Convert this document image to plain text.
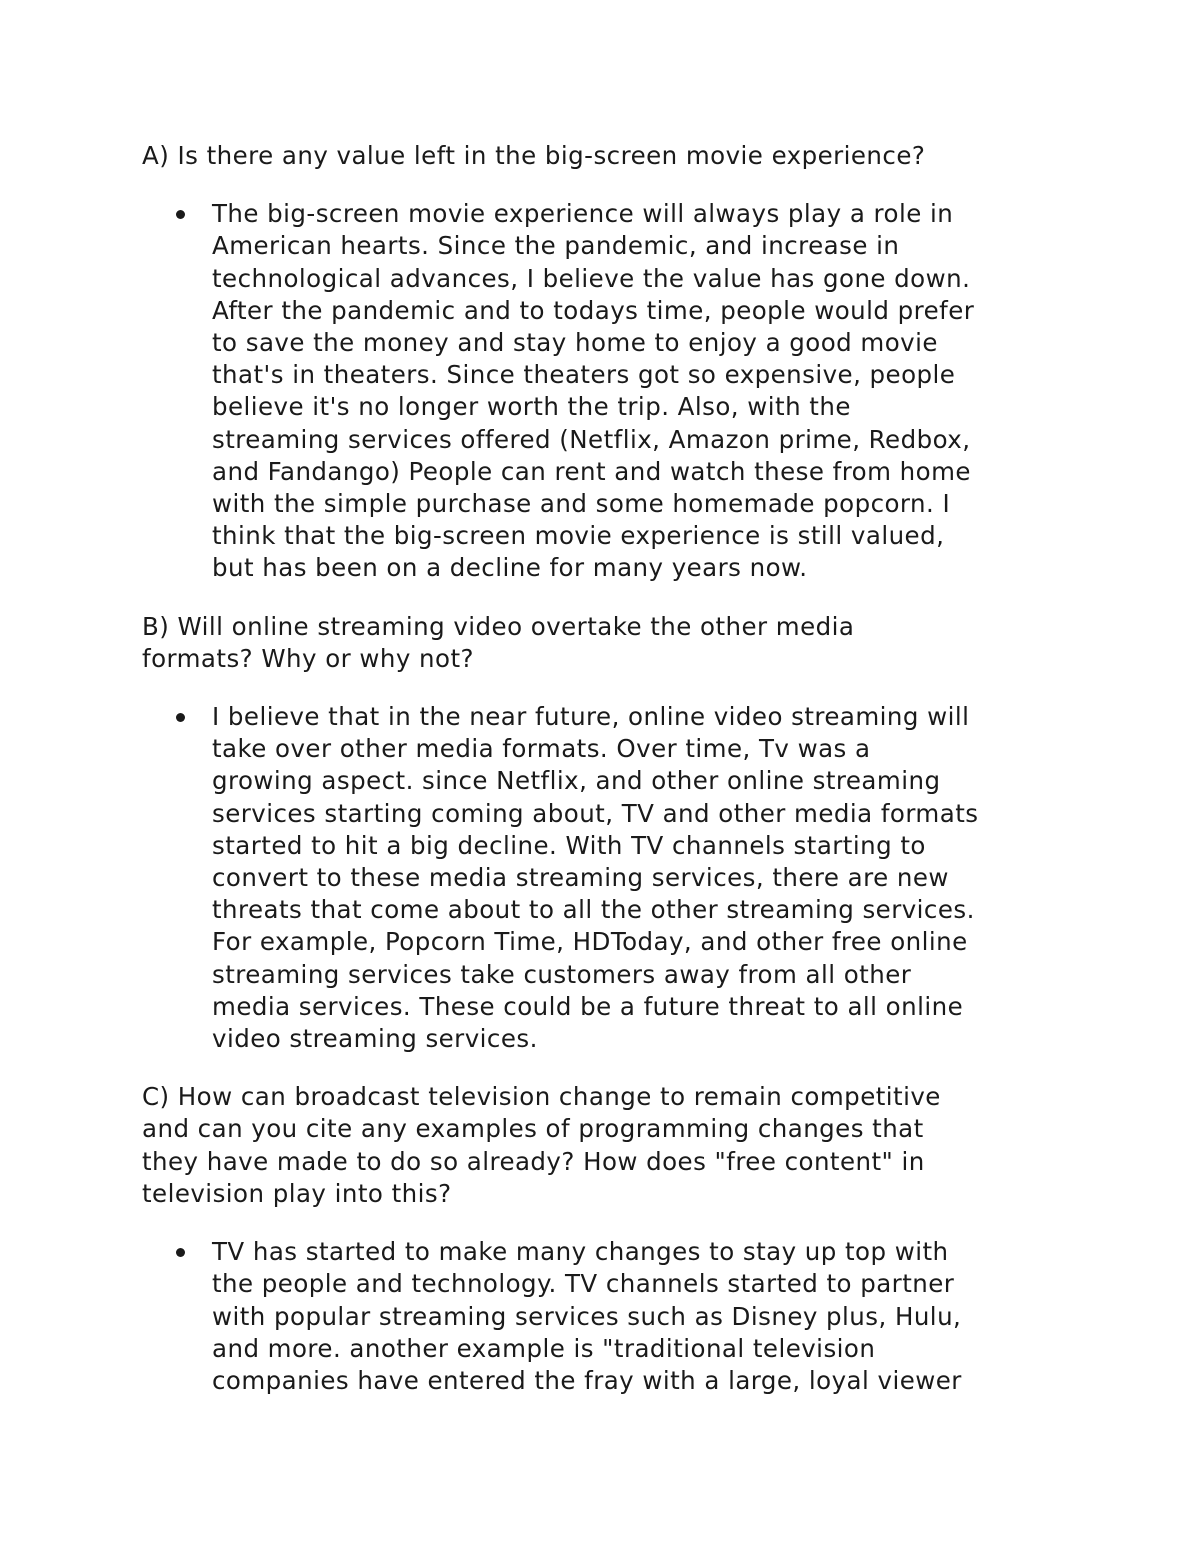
A) Is there any value left in the big-screen movie experience?

The big-screen movie experience will always play a role in
American hearts. Since the pandemic, and increase in
technological advances, I believe the value has gone down.
After the pandemic and to todays time, people would prefer
to save the money and stay home to enjoy a good movie
that's in theaters. Since theaters got so expensive, people
believe it's no longer worth the trip. Also, with the
streaming services offered (Netflix, Amazon prime, Redbox,
and Fandango) People can rent and watch these from home
with the simple purchase and some homemade popcorn. I
think that the big-screen movie experience is still valued,
but has been on a decline for many years now.

B) Will online streaming video overtake the other media
formats? Why or why not?

I believe that in the near future, online video streaming will
take over other media formats. Over time, Tv was a
growing aspect. since Netflix, and other online streaming
services starting coming about, TV and other media formats
started to hit a big decline. With TV channels starting to
convert to these media streaming services, there are new
threats that come about to all the other streaming services.
For example, Popcorn Time, HDToday, and other free online
streaming services take customers away from all other
media services. These could be a future threat to all online
video streaming services.

C) How can broadcast television change to remain competitive
and can you cite any examples of programming changes that
they have made to do so already? How does "free content" in
television play into this?

TV has started to make many changes to stay up top with
the people and technology. TV channels started to partner
with popular streaming services such as Disney plus, Hulu,
and more. another example is "traditional television
companies have entered the fray with a large, loyal viewer
